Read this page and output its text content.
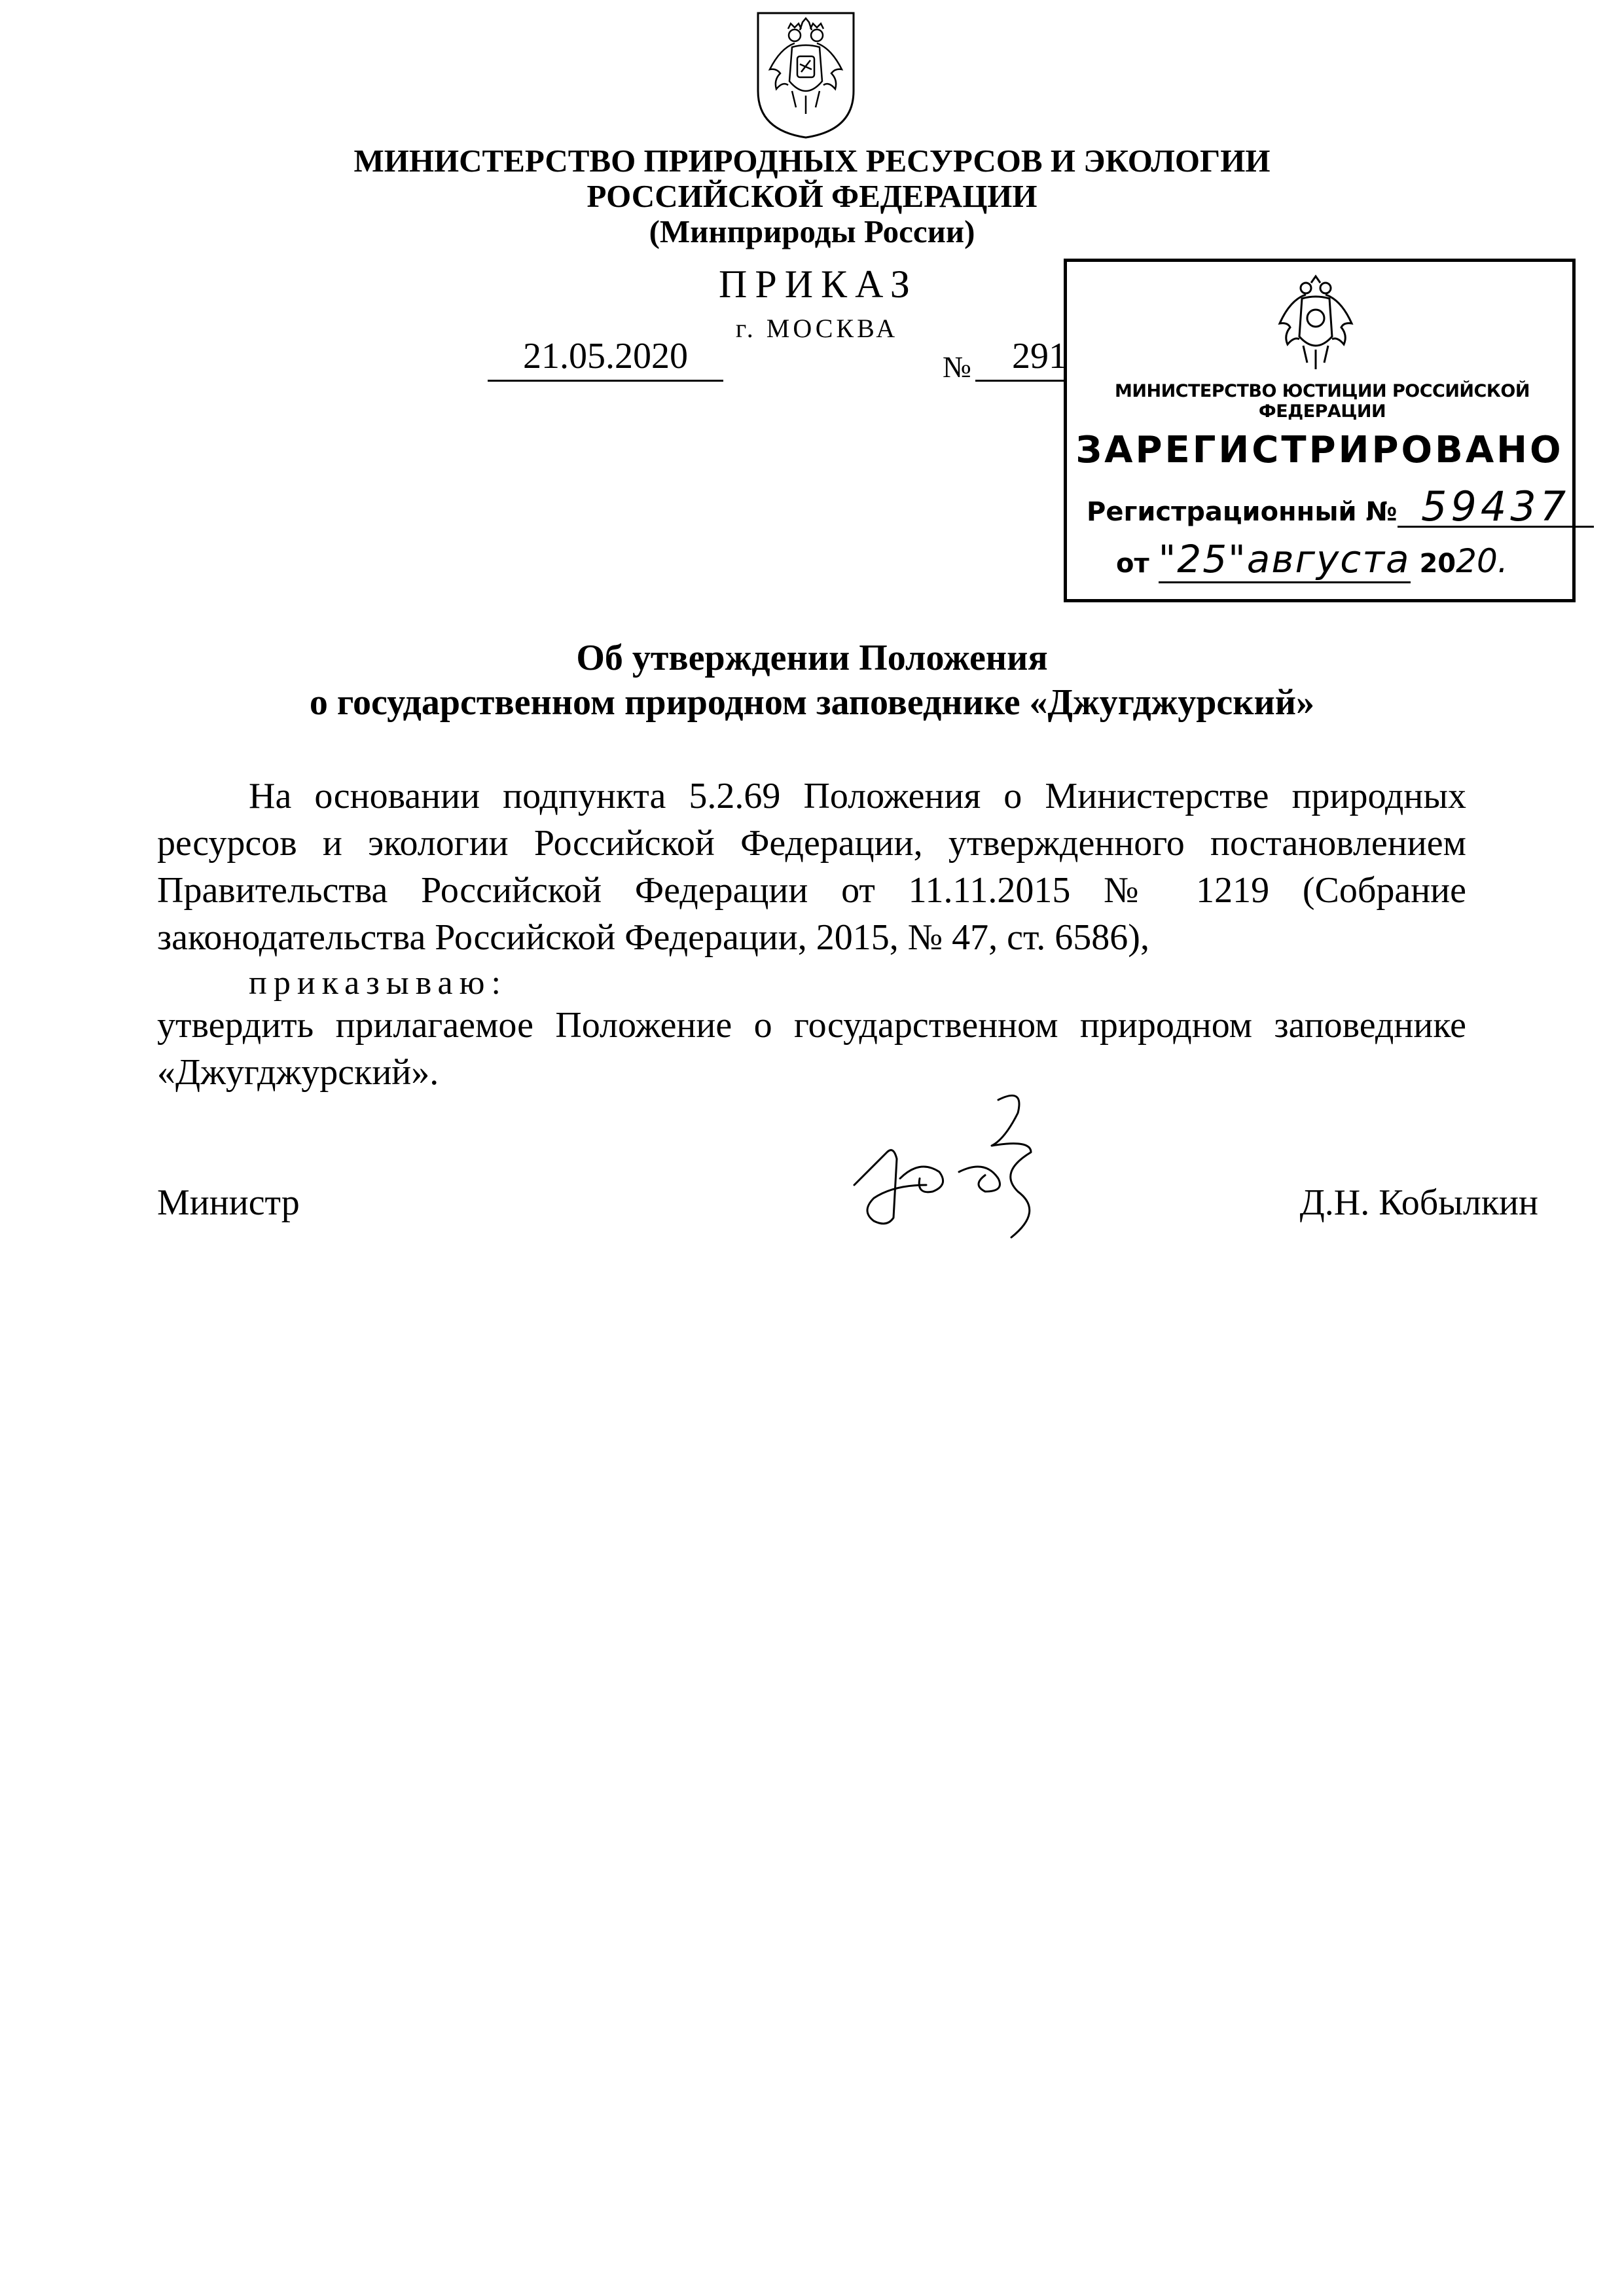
МИНИСТЕРСТВО ПРИРОДНЫХ РЕСУРСОВ И ЭКОЛОГИИ
РОССИЙСКОЙ ФЕДЕРАЦИИ
(Минприроды России)
ПРИКАЗ
г. МОСКВА
21.05.2020	№	291
МИНИСТЕРСТВО ЮСТИЦИИ РОССИЙСКОЙ ФЕДЕРАЦИИ
ЗАРЕГИСТРИРОВАНО
Регистрационный № 59437
от "25"августа 2020.
Об утверждении Положения
о государственном природном заповеднике «Джугджурский»
На основании подпункта 5.2.69 Положения о Министерстве природных ресурсов и экологии Российской Федерации, утвержденного постановлением Правительства Российской Федерации от 11.11.2015 № 1219 (Собрание законодательства Российской Федерации, 2015, № 47, ст. 6586),
приказываю:
утвердить прилагаемое Положение о государственном природном заповеднике «Джугджурский».
Министр	Д.Н. Кобылкин
